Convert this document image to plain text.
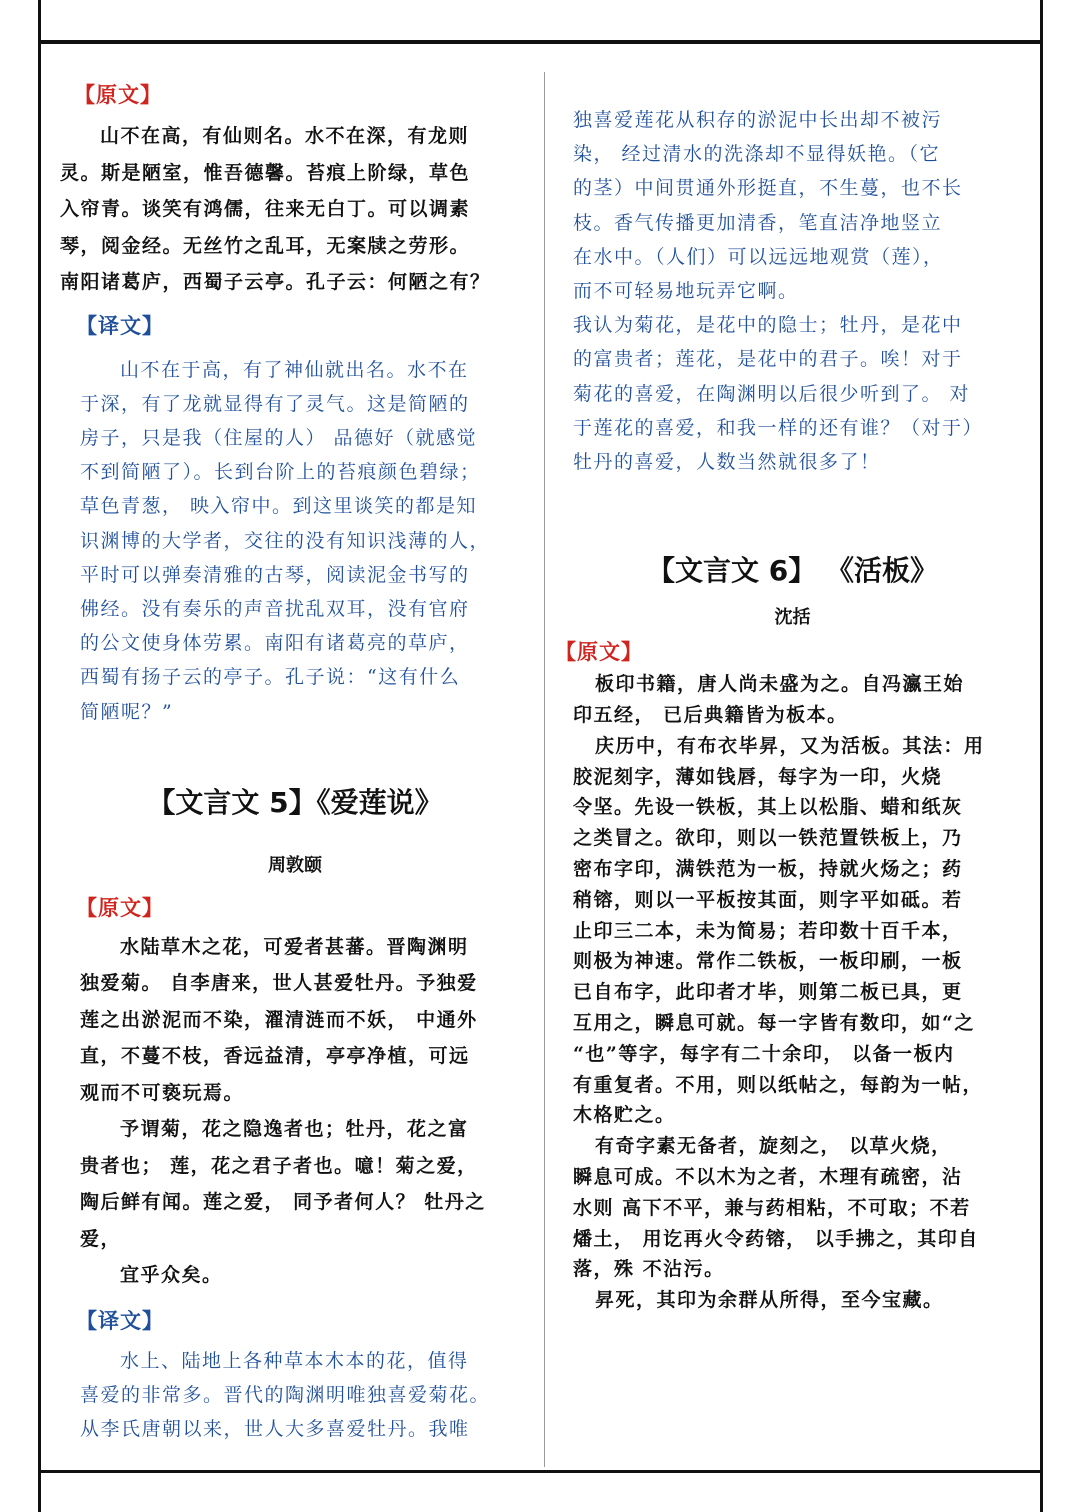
【原文】

山不在高，有仙则名。水不在深，有龙则

灵。斯是陋室，惟吾德馨。苔痕上阶绿，草色

入帘青。谈笑有鸿儒，往来无白丁。可以调素

琴，阅金经。无丝竹之乱耳，无案牍之劳形。

南阳诸葛庐，西蜀子云亭。孔子云：何陋之有？

【译文】

山不在于高，有了神仙就出名。水不在

于深，有了龙就显得有了灵气。这是简陋的

房子，只是我（住屋的人） 品德好（就感觉

不到简陋了）。长到台阶上的苔痕颜色碧绿；

草色青葱， 映入帘中。到这里谈笑的都是知

识渊博的大学者，交往的没有知识浅薄的人，

平时可以弹奏清雅的古琴，阅读泥金书写的

佛经。没有奏乐的声音扰乱双耳，没有官府

的公文使身体劳累。南阳有诸葛亮的草庐，

西蜀有扬子云的亭子。孔子说：“这有什么

简陋呢？”

【文言文 5】《爱莲说》

周敦颐

【原文】

水陆草木之花，可爱者甚蕃。晋陶渊明

独爱菊。 自李唐来，世人甚爱牡丹。予独爱

莲之出淤泥而不染，濯清涟而不妖， 中通外

直，不蔓不枝，香远益清，亭亭净植，可远

观而不可亵玩焉。

予谓菊，花之隐逸者也；牡丹，花之富

贵者也； 莲，花之君子者也。噫！菊之爱，

陶后鲜有闻。莲之爱， 同予者何人？ 牡丹之

爱，

宜乎众矣。

【译文】

水上、陆地上各种草本木本的花，值得

喜爱的非常多。晋代的陶渊明唯独喜爱菊花。

从李氏唐朝以来，世人大多喜爱牡丹。我唯

独喜爱莲花从积存的淤泥中长出却不被污

染， 经过清水的洗涤却不显得妖艳。（它

的茎）中间贯通外形挺直，不生蔓，也不长

枝。香气传播更加清香，笔直洁净地竖立

在水中。（人们）可以远远地观赏（莲），

而不可轻易地玩弄它啊。

我认为菊花，是花中的隐士；牡丹，是花中

的富贵者；莲花，是花中的君子。唉！对于

菊花的喜爱，在陶渊明以后很少听到了。 对

于莲花的喜爱，和我一样的还有谁？（对于）

牡丹的喜爱，人数当然就很多了！

【文言文 6】 《活板》

沈括

【原文】

板印书籍，唐人尚未盛为之。自冯瀛王始

印五经， 已后典籍皆为板本。

庆历中，有布衣毕昇，又为活板。其法：用

胶泥刻字，薄如钱唇，每字为一印，火烧

令坚。先设一铁板，其上以松脂、蜡和纸灰

之类冒之。欲印，则以一铁范置铁板上，乃

密布字印，满铁范为一板，持就火炀之；药

稍镕，则以一平板按其面，则字平如砥。若

止印三二本，未为简易；若印数十百千本，

则极为神速。常作二铁板，一板印刷，一板

已自布字，此印者才毕，则第二板已具，更

互用之，瞬息可就。每一字皆有数印，如“之

“也”等字，每字有二十余印， 以备一板内

有重复者。不用，则以纸帖之，每韵为一帖，

木格贮之。

有奇字素无备者，旋刻之， 以草火烧，

瞬息可成。不以木为之者，木理有疏密，沾

水则 高下不平，兼与药相粘，不可取；不若

燔土， 用讫再火令药镕， 以手拂之，其印自

落，殊 不沾污。

昇死，其印为余群从所得，至今宝藏。
